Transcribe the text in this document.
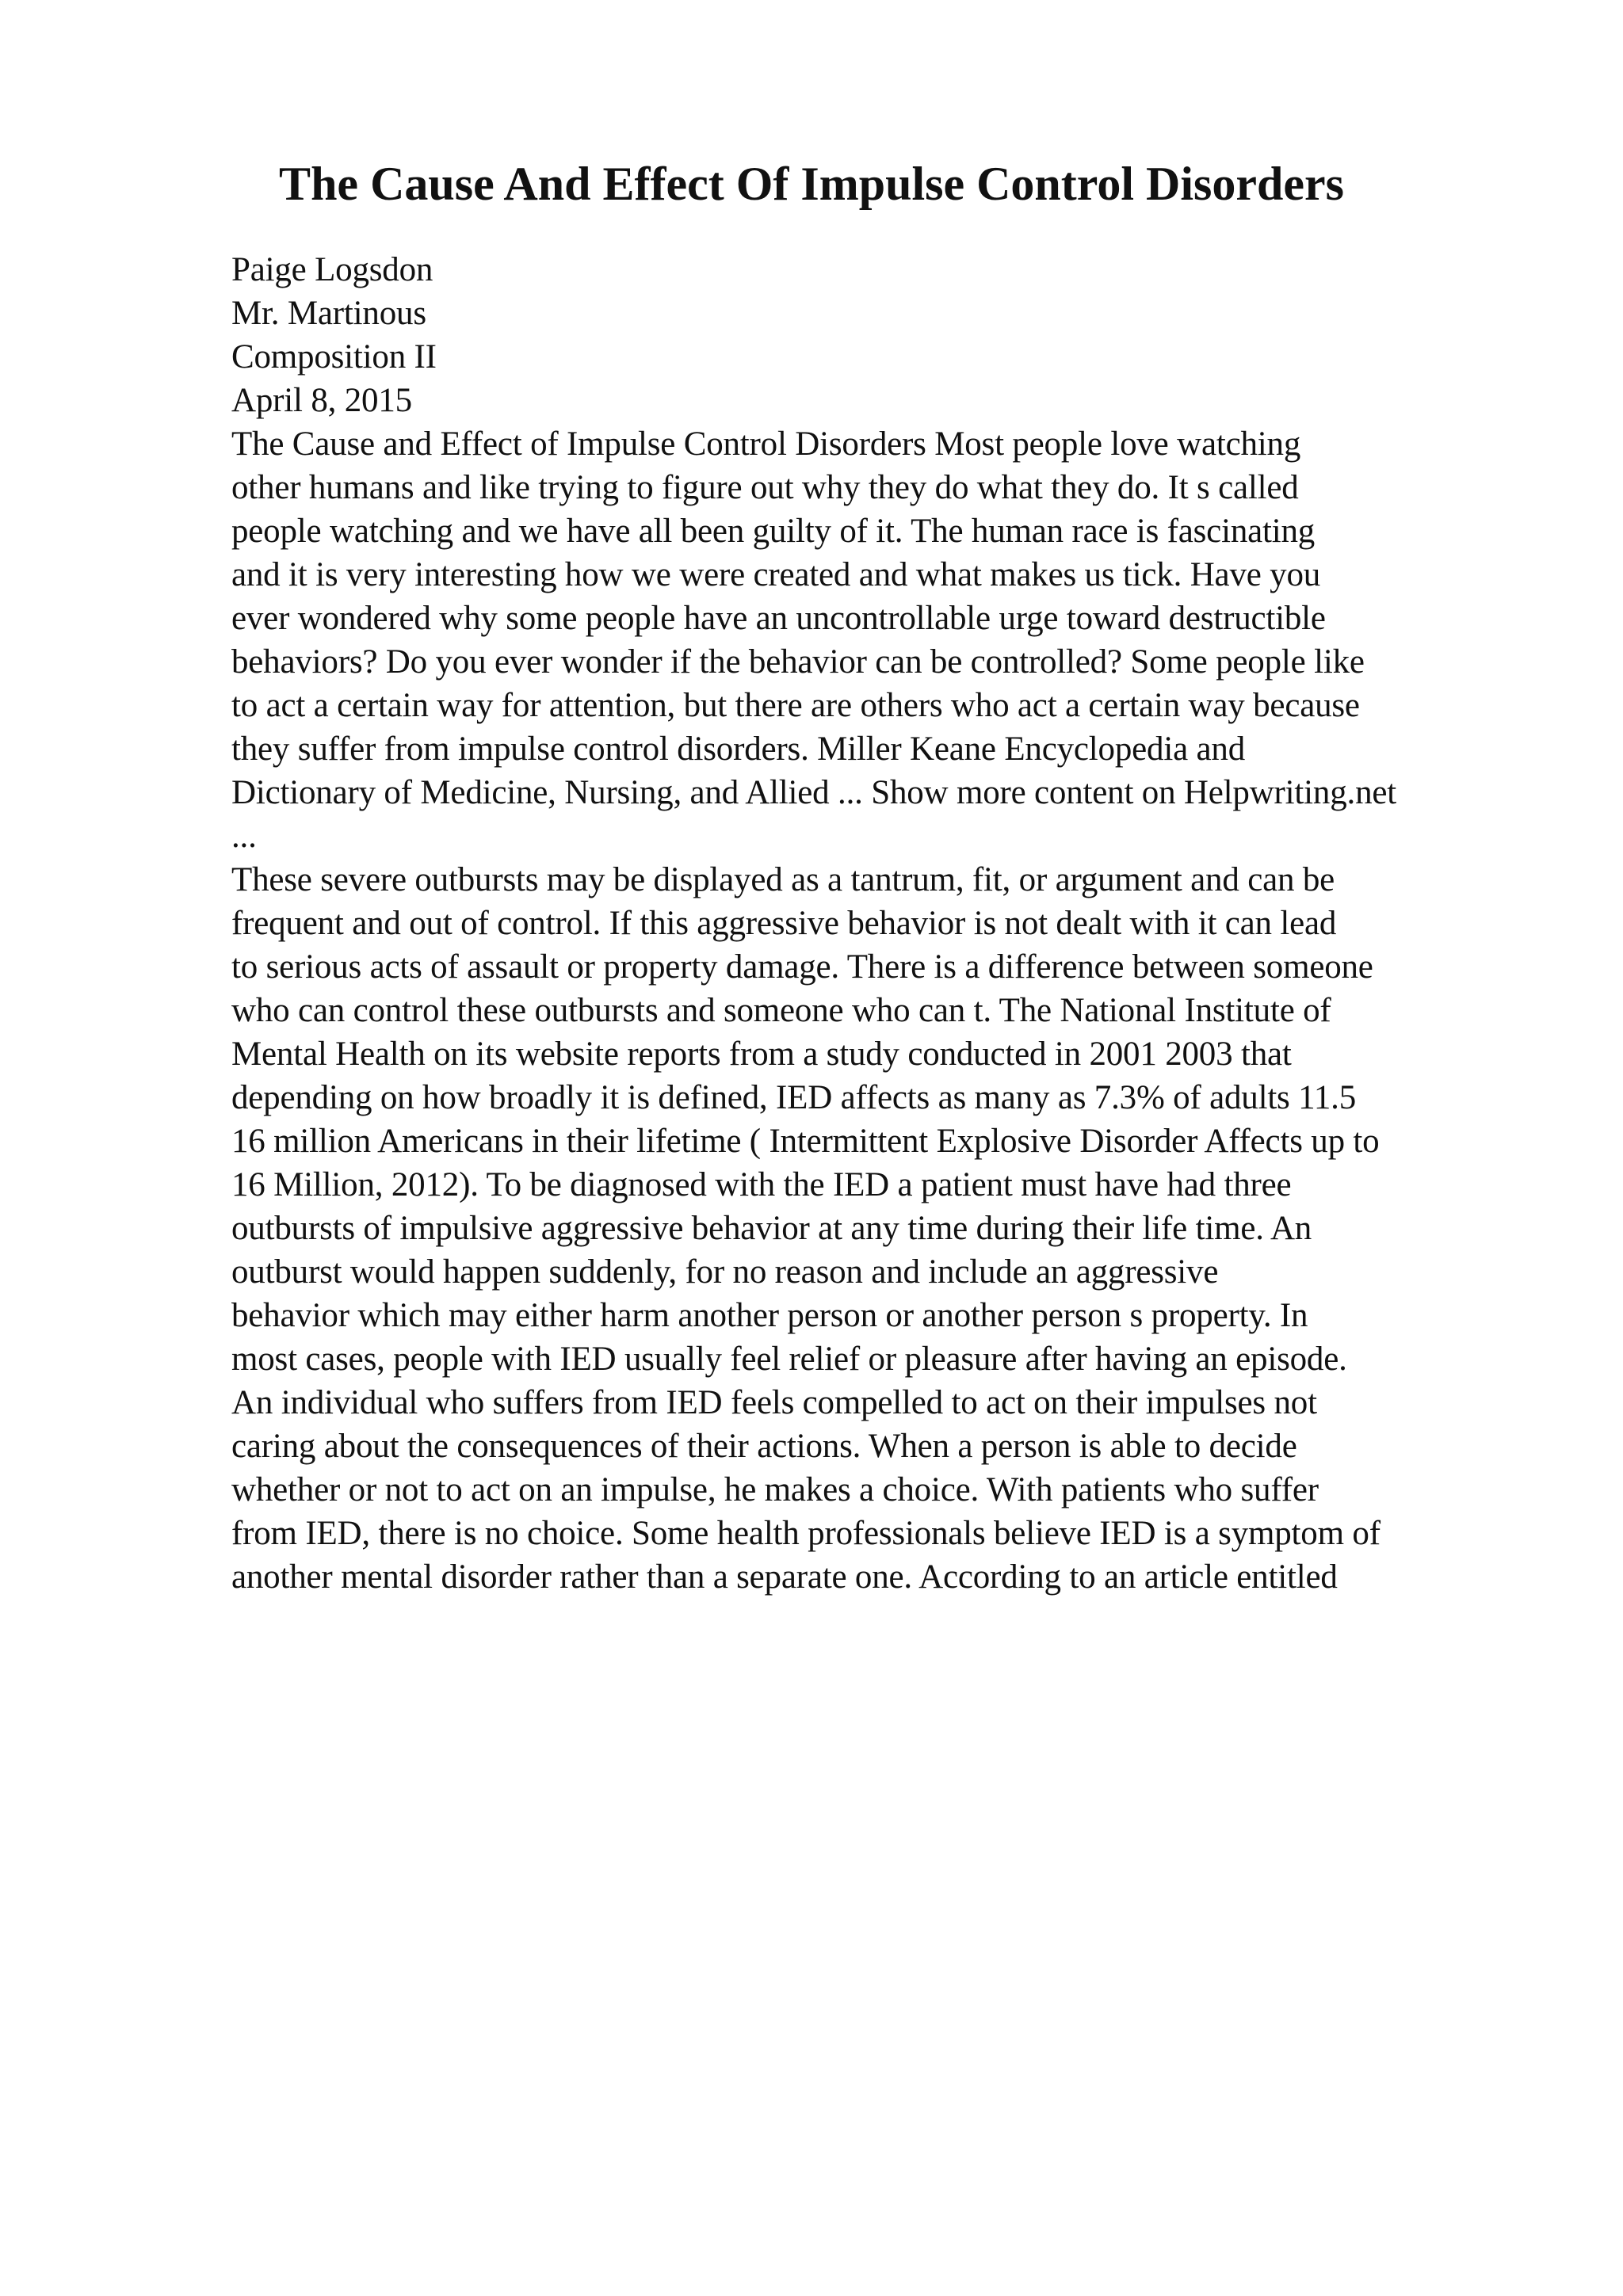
The Cause And Effect Of Impulse Control Disorders
Paige Logsdon
Mr. Martinous
Composition II
April 8, 2015
The Cause and Effect of Impulse Control Disorders Most people love watching
other humans and like trying to figure out why they do what they do. It s called
people watching and we have all been guilty of it. The human race is fascinating
and it is very interesting how we were created and what makes us tick. Have you
ever wondered why some people have an uncontrollable urge toward destructible
behaviors? Do you ever wonder if the behavior can be controlled? Some people like
to act a certain way for attention, but there are others who act a certain way because
they suffer from impulse control disorders. Miller Keane Encyclopedia and
Dictionary of Medicine, Nursing, and Allied ... Show more content on Helpwriting.net
...
These severe outbursts may be displayed as a tantrum, fit, or argument and can be
frequent and out of control. If this aggressive behavior is not dealt with it can lead
to serious acts of assault or property damage. There is a difference between someone
who can control these outbursts and someone who can t. The National Institute of
Mental Health on its website reports from a study conducted in 2001 2003 that
depending on how broadly it is defined, IED affects as many as 7.3% of adults 11.5
16 million Americans in their lifetime ( Intermittent Explosive Disorder Affects up to
16 Million, 2012). To be diagnosed with the IED a patient must have had three
outbursts of impulsive aggressive behavior at any time during their life time. An
outburst would happen suddenly, for no reason and include an aggressive
behavior which may either harm another person or another person s property. In
most cases, people with IED usually feel relief or pleasure after having an episode.
An individual who suffers from IED feels compelled to act on their impulses not
caring about the consequences of their actions. When a person is able to decide
whether or not to act on an impulse, he makes a choice. With patients who suffer
from IED, there is no choice. Some health professionals believe IED is a symptom of
another mental disorder rather than a separate one. According to an article entitled
